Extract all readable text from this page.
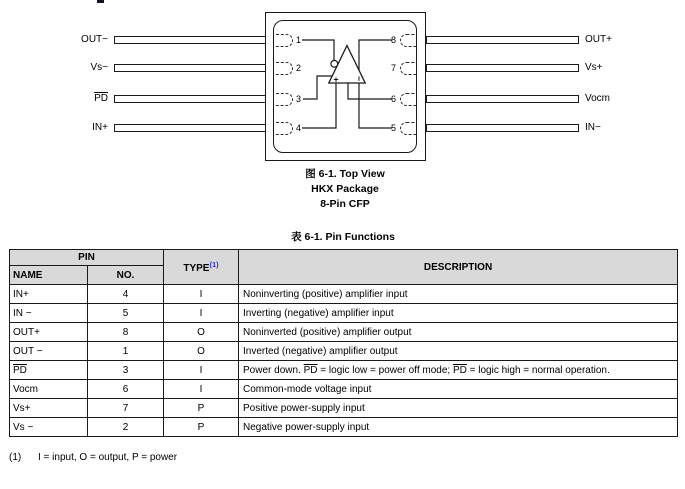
OUT−
Vs−
$\overline{PD}$
IN+
1
2
3
4
OUT+
Vs+
Vocm
IN−
8
7
6
5
+ −
图 6-1. Top View
HKX Package
8-Pin CFP
表 6-1. Pin Functions
PIN		TYPE$^{(1)}$	DESCRIPTION
NAME	NO.		
IN+	4	I	Noninverting (positive) amplifier input
IN −	5	I	Inverting (negative) amplifier input
OUT+	8	O	Noninverted (positive) amplifier output
OUT −	1	O	Inverted (negative) amplifier output
$\overline{PD}$	3	I	Power down. $\overline{PD}$ = logic low = power off mode; $\overline{PD}$ = logic high = normal operation.
Vocm	6	I	Common-mode voltage input
Vs+	7	P	Positive power-supply input
Vs −	2	P	Negative power-supply input
(1) I = input, O = output, P = power
